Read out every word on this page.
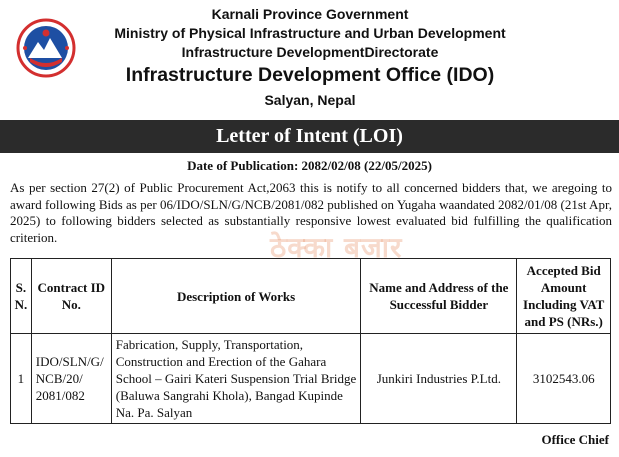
Karnali Province Government
Ministry of Physical Infrastructure and Urban Development
Infrastructure DevelopmentDirectorate
Infrastructure Development Office (IDO)
Salyan, Nepal
Letter of Intent (LOI)
Date of Publication: 2082/02/08 (22/05/2025)
As per section 27(2) of Public Procurement Act,2063 this is notify to all concerned bidders that, we aregoing to award following Bids as per 06/IDO/SLN/G/NCB/2081/082 published on Yugaha waandated 2082/01/08 (21st Apr, 2025) to following bidders selected as substantially responsive lowest evaluated bid fulfilling the qualification criterion.	ठेक्का बजार
S. N.	Contract ID No.	Description of Works	Name and Address of the Successful Bidder	Accepted Bid Amount Including VAT and PS (NRs.)
1	IDO/SLN/G/ NCB/20/ 2081/082	Fabrication, Supply, Transportation, Construction and Erection of the Gahara School – Gairi Kateri Suspension Trial Bridge (Baluwa Sangrahi Khola), Bangad Kupinde Na. Pa. Salyan	Junkiri Industries P.Ltd.	3102543.06
Office Chief
